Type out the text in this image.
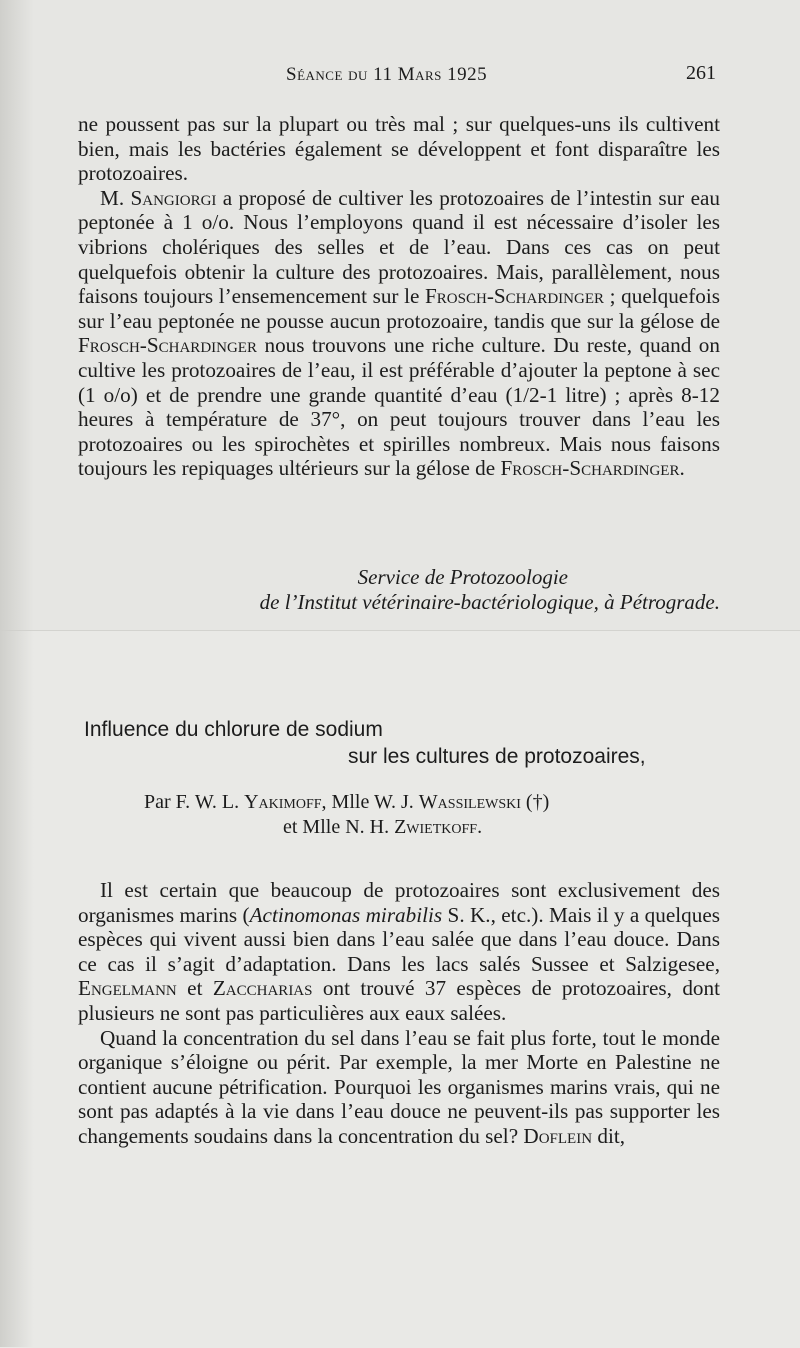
Séance du 11 Mars 1925	261

ne poussent pas sur la plupart ou très mal ; sur quelques-uns ils cultivent bien, mais les bactéries également se développent et font disparaître les protozoaires.

M. Sangiorgi a proposé de cultiver les protozoaires de l’intestin sur eau peptonée à 1 o/o. Nous l’employons quand il est nécessaire d’isoler les vibrions cholériques des selles et de l’eau. Dans ces cas on peut quelquefois obtenir la culture des protozoaires. Mais, parallèlement, nous faisons toujours l’ensemencement sur le Frosch-Schardinger ; quelquefois sur l’eau peptonée ne pousse aucun protozoaire, tandis que sur la gélose de Frosch-Schardinger nous trouvons une riche culture. Du reste, quand on cultive les protozoaires de l’eau, il est préférable d’ajouter la peptone à sec (1 o/o) et de prendre une grande quantité d’eau (1/2-1 litre) ; après 8-12 heures à température de 37°, on peut toujours trouver dans l’eau les protozoaires ou les spirochètes et spirilles nombreux. Mais nous faisons toujours les repiquages ultérieurs sur la gélose de Frosch-Schardinger.

Service de Protozoologie
de l’Institut vétérinaire-bactériologique, à Pétrograde.
Influence du chlorure de sodium
sur les cultures de protozoaires,
Par F. W. L. Yakimoff, Mlle W. J. Wassilewski (†)
et Mlle N. H. Zwietkoff.

Il est certain que beaucoup de protozoaires sont exclusivement des organismes marins (Actinomonas mirabilis S. K., etc.). Mais il y a quelques espèces qui vivent aussi bien dans l’eau salée que dans l’eau douce. Dans ce cas il s’agit d’adaptation. Dans les lacs salés Sussee et Salzigesee, Engelmann et Zaccharias ont trouvé 37 espèces de protozoaires, dont plusieurs ne sont pas particulières aux eaux salées.

Quand la concentration du sel dans l’eau se fait plus forte, tout le monde organique s’éloigne ou périt. Par exemple, la mer Morte en Palestine ne contient aucune pétrification. Pourquoi les organismes marins vrais, qui ne sont pas adaptés à la vie dans l’eau douce ne peuvent-ils pas supporter les changements soudains dans la concentration du sel? Doflein dit,
